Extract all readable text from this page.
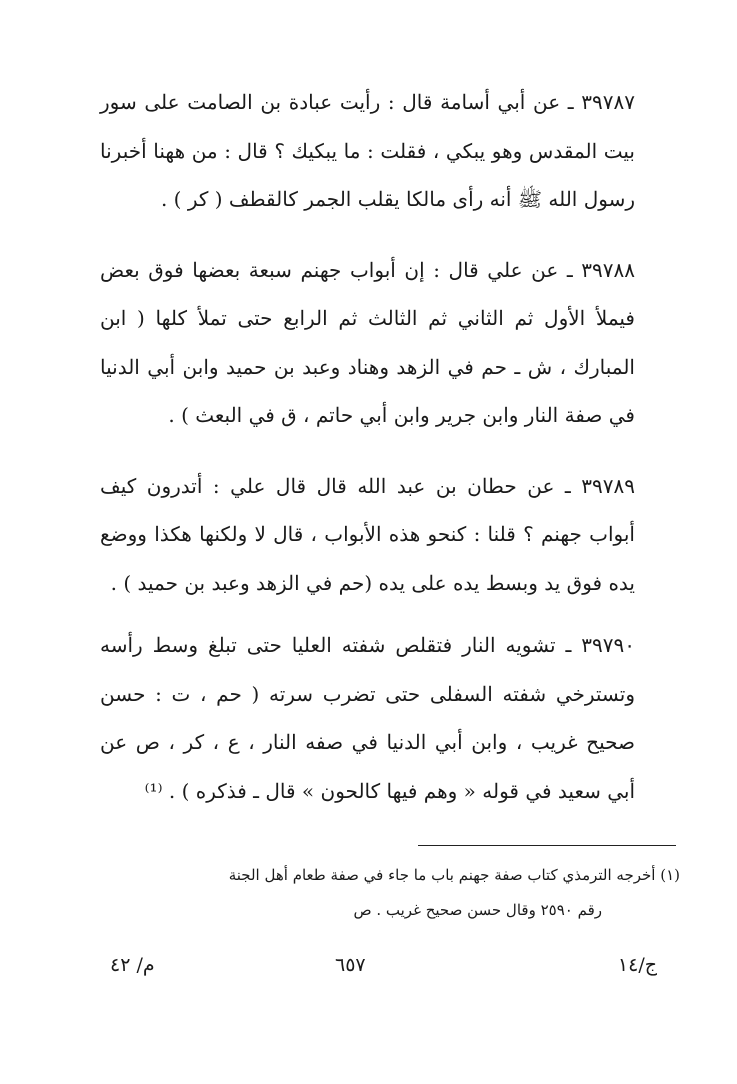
٣٩٧٨٧ ـ عن أبي أسامة قال : رأيت عبادة بن الصامت على سور بيت المقدس وهو يبكي ، فقلت : ما يبكيك ؟ قال : من ههنا أخبرنا رسول الله ﷺ أنه رأى مالكا يقلب الجمر كالقطف ( كر ) .

٣٩٧٨٨ ـ عن علي قال : إن أبواب جهنم سبعة بعضها فوق بعض فيملأ الأول ثم الثاني ثم الثالث ثم الرابع حتى تملأ كلها ( ابن المبارك ، ش ـ حم في الزهد وهناد وعبد بن حميد وابن أبي الدنيا في صفة النار وابن جرير وابن أبي حاتم ، ق في البعث ) .

٣٩٧٨٩ ـ عن حطان بن عبد الله قال قال علي : أتدرون كيف أبواب جهنم ؟ قلنا : كنحو هذه الأبواب ، قال لا ولكنها هكذا ووضع يده فوق يد وبسط يده على يده (حم في الزهد وعبد بن حميد ) .

٣٩٧٩٠ ـ تشويه النار فتقلص شفته العليا حتى تبلغ وسط رأسه وتسترخي شفته السفلى حتى تضرب سرته ( حم ، ت : حسن صحيح غريب ، وابن أبي الدنيا في صفه النار ، ع ، كر ، ص عن أبي سعيد في قوله « وهم فيها كالحون » قال ـ فذكره ) . ⁽¹⁾

(١) أخرجه الترمذي كتاب صفة جهنم باب ما جاء في صفة طعام أهل الجنة
رقم ٢٥٩٠ وقال حسن صحيح غريب . ص
ج/١٤
٦٥٧
م/ ٤٢
